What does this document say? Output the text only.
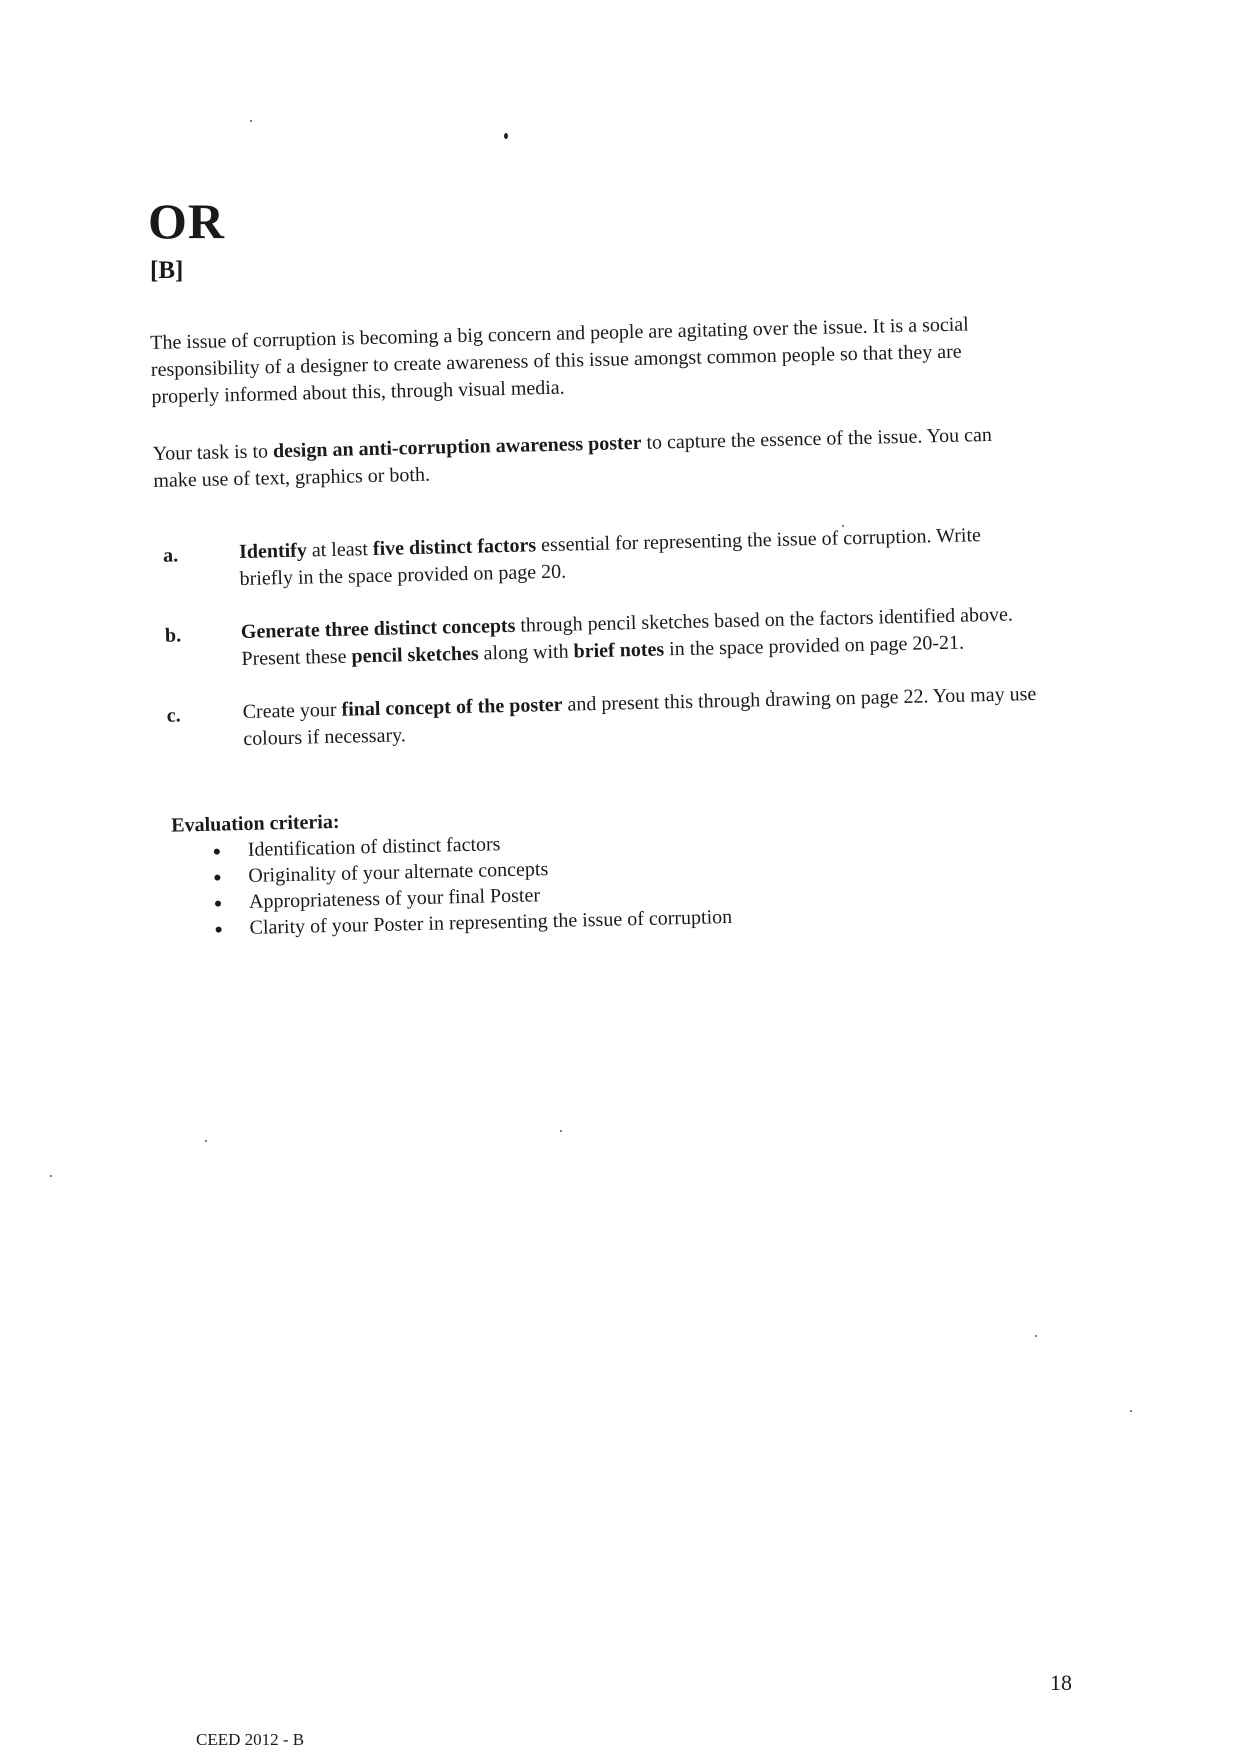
OR
[B]

The issue of corruption is becoming a big concern and people are agitating over the issue. It is a social responsibility of a designer to create awareness of this issue amongst common people so that they are properly informed about this, through visual media.

Your task is to design an anti-corruption awareness poster to capture the essence of the issue. You can make use of text, graphics or both.

a.	Identify at least five distinct factors essential for representing the issue of corruption. Write briefly in the space provided on page 20.
b.	Generate three distinct concepts through pencil sketches based on the factors identified above. Present these pencil sketches along with brief notes in the space provided on page 20-21.
c.	Create your final concept of the poster and present this through drawing on page 22. You may use colours if necessary.
Evaluation criteria:
Identification of distinct factors
Originality of your alternate concepts
Appropriateness of your final Poster
Clarity of your Poster in representing the issue of corruption
18
CEED 2012 - B
